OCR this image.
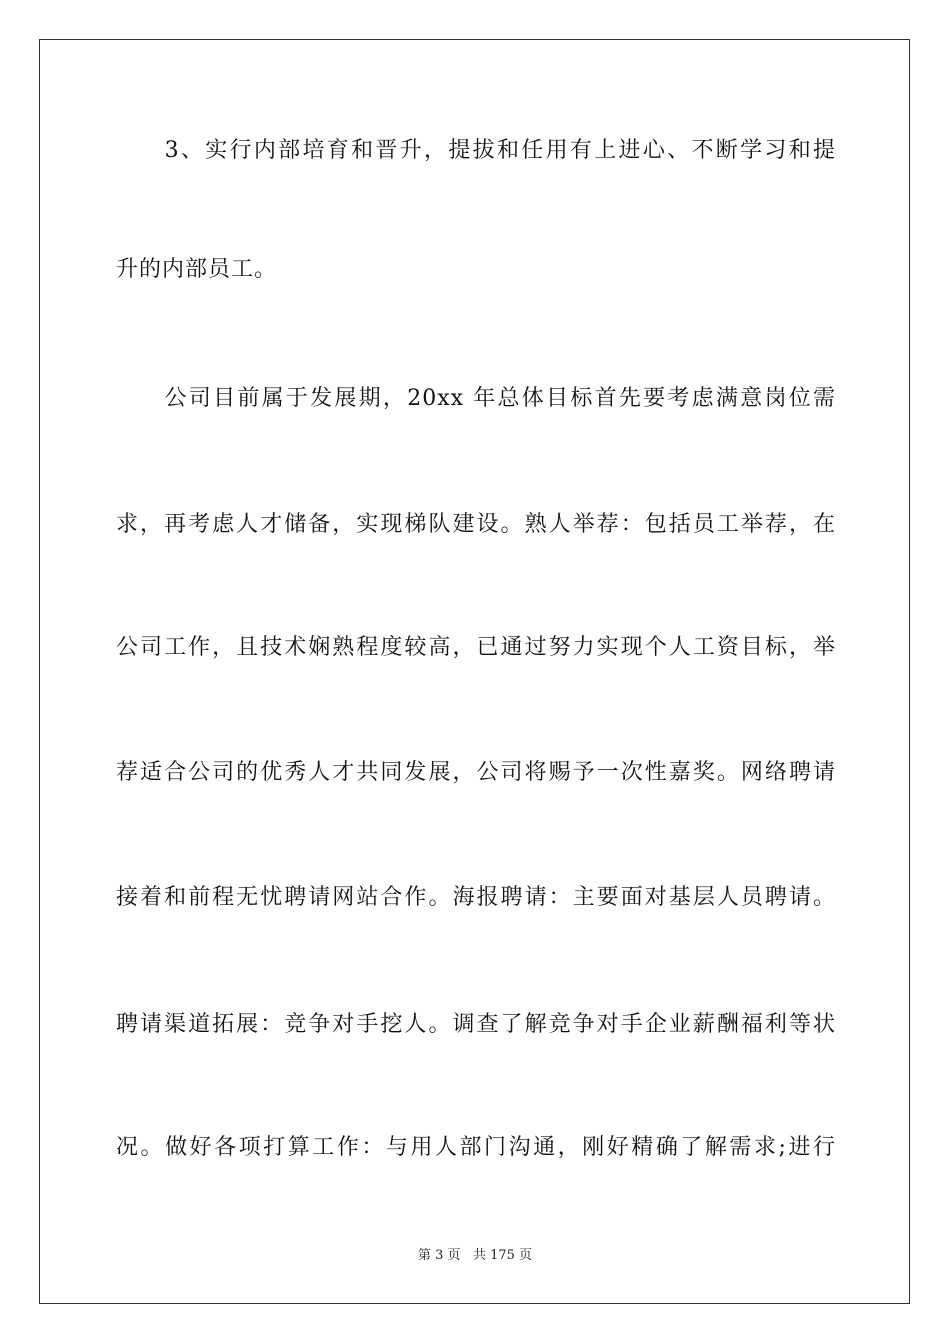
　　3、实行内部培育和晋升，提拔和任用有上进心、不断学习和提
升的内部员工。
　　公司目前属于发展期，20xx 年总体目标首先要考虑满意岗位需
求，再考虑人才储备，实现梯队建设。熟人举荐：包括员工举荐，在
公司工作，且技术娴熟程度较高，已通过努力实现个人工资目标，举
荐适合公司的优秀人才共同发展，公司将赐予一次性嘉奖。网络聘请
接着和前程无忧聘请网站合作。海报聘请：主要面对基层人员聘请。
聘请渠道拓展：竞争对手挖人。调查了解竞争对手企业薪酬福利等状
况。做好各项打算工作：与用人部门沟通，刚好精确了解需求;进行
第 3 页 共 175 页
